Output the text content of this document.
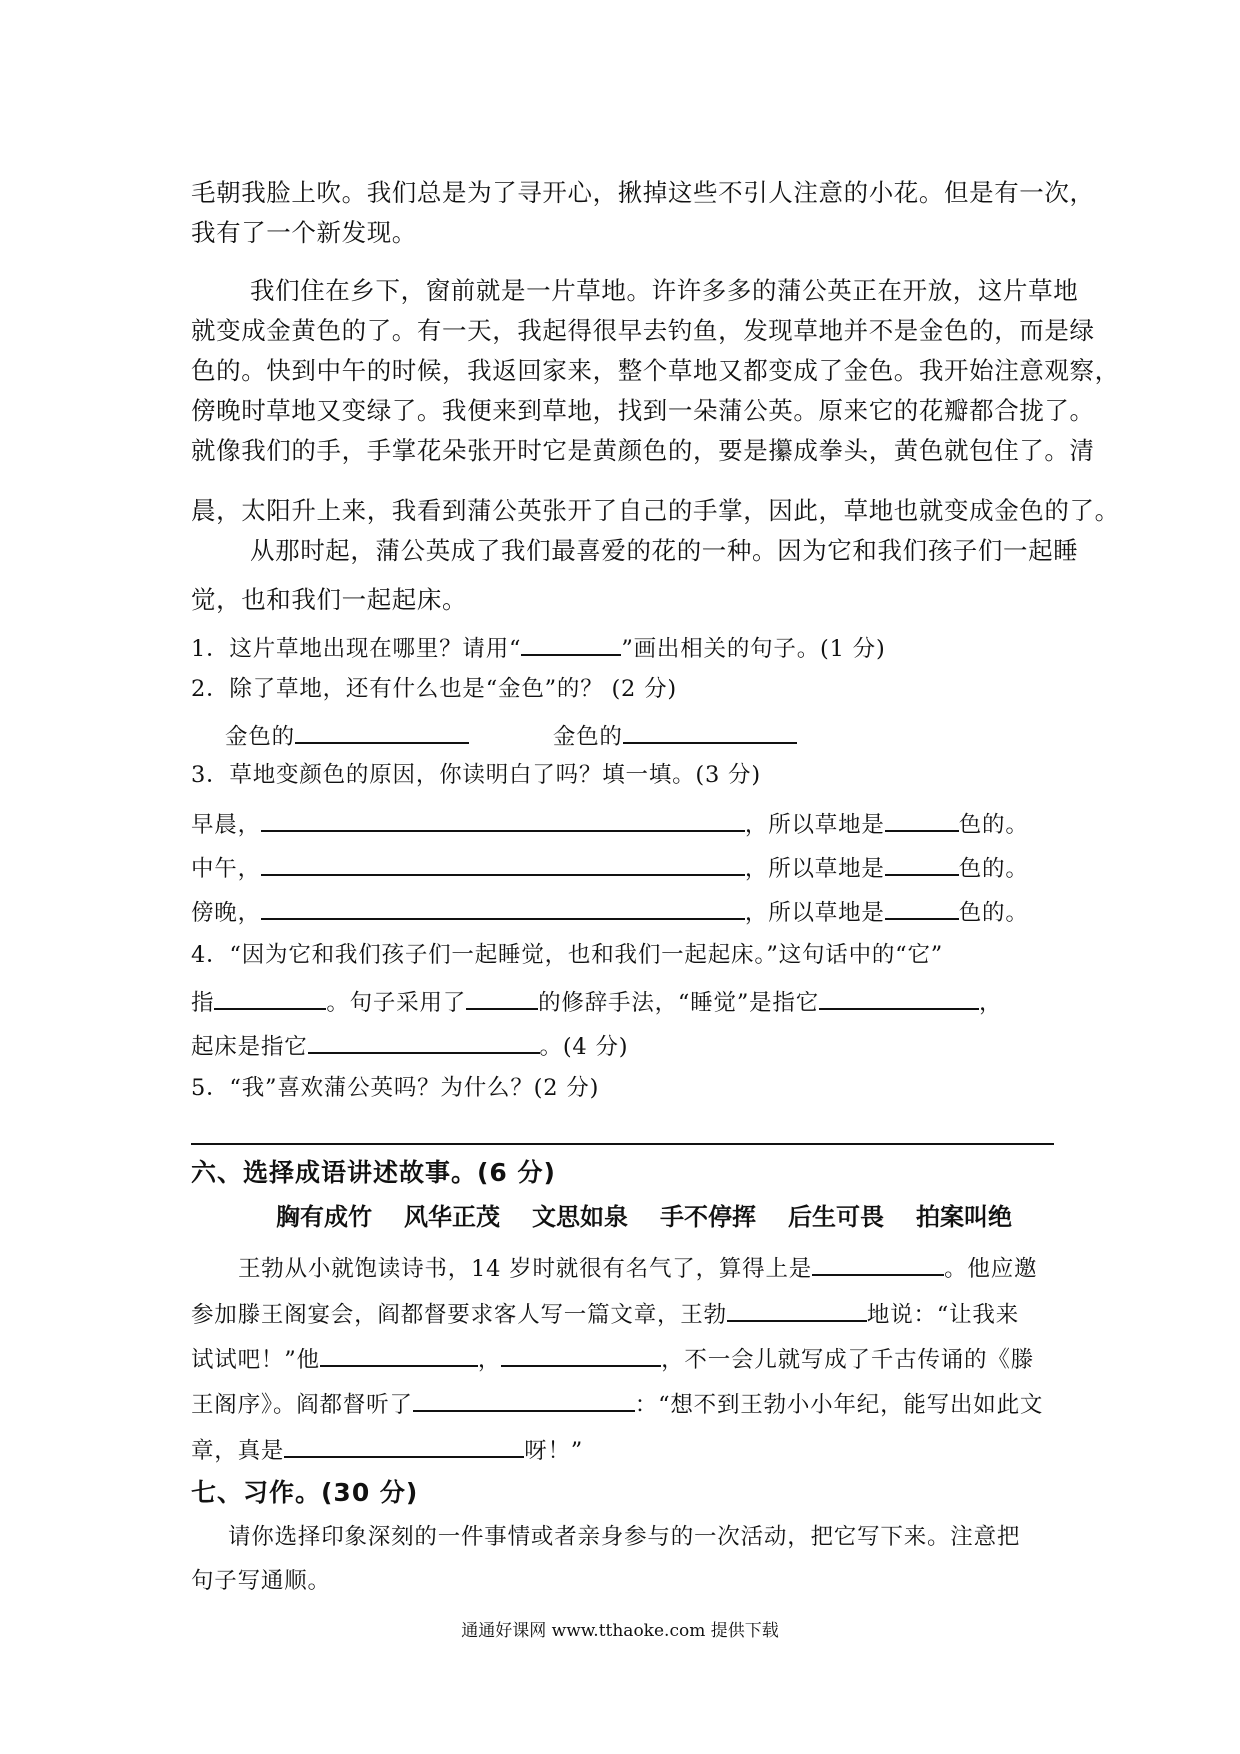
毛朝我脸上吹。我们总是为了寻开心，揪掉这些不引人注意的小花。但是有一次，
我有了一个新发现。
我们住在乡下，窗前就是一片草地。许许多多的蒲公英正在开放，这片草地
就变成金黄色的了。有一天，我起得很早去钓鱼，发现草地并不是金色的，而是绿
色的。快到中午的时候，我返回家来，整个草地又都变成了金色。我开始注意观察，
傍晚时草地又变绿了。我便来到草地，找到一朵蒲公英。原来它的花瓣都合拢了。
就像我们的手，手掌花朵张开时它是黄颜色的，要是攥成拳头，黄色就包住了。清
晨，太阳升上来，我看到蒲公英张开了自己的手掌，因此，草地也就变成金色的了。
从那时起，蒲公英成了我们最喜爱的花的一种。因为它和我们孩子们一起睡
觉，也和我们一起起床。
1．这片草地出现在哪里？请用“	”画出相关的句子。(1 分)
2．除了草地，还有什么也是“金色”的？ (2 分)
金色的	金色的
3．草地变颜色的原因，你读明白了吗？填一填。(3 分)
早晨，	，所以草地是	色的。
中午，	，所以草地是	色的。
傍晚，	，所以草地是	色的。
4．“因为它和我们孩子们一起睡觉，也和我们一起起床。”这句话中的“它”
指	。句子采用了	的修辞手法，“睡觉”是指它	，
起床是指它	。(4 分)
5．“我”喜欢蒲公英吗？为什么？(2 分)
六、选择成语讲述故事。(6 分)
胸有成竹 风华正茂 文思如泉 手不停挥 后生可畏 拍案叫绝
王勃从小就饱读诗书，14 岁时就很有名气了，算得上是	。他应邀
参加滕王阁宴会，阎都督要求客人写一篇文章，王勃	地说：“让我来
试试吧！”他	，	，不一会儿就写成了千古传诵的《滕
王阁序》。阎都督听了	：“想不到王勃小小年纪，能写出如此文
章，真是	呀！”
七、习作。(30 分)
请你选择印象深刻的一件事情或者亲身参与的一次活动，把它写下来。注意把
句子写通顺。
通通好课网 www.tthaoke.com 提供下载
